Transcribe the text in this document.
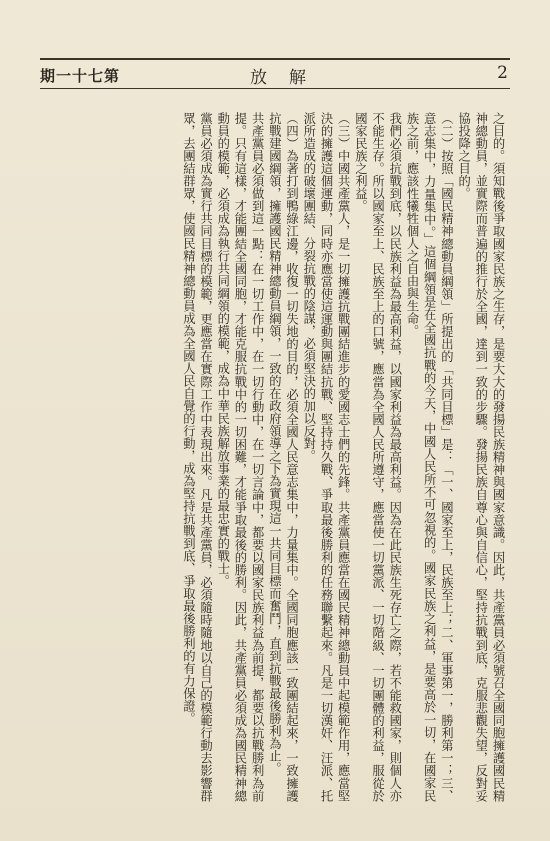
期一十七第	放解	2

之目的。須知戰後爭取國家民族之生存，是要大大的發揚民族精神與國家意識。因此，共產黨員必須號召全國同胞擁護國民精神總動員，並實際而普遍的推行於全國，達到一致的步驟。發揚民族自尊心與自信心，堅持抗戰到底，克服悲觀失望，反對妥協投降之目的。

（二）按照「國民精神總動員綱領」所提出的「共同目標」是：「一、國家至上，民族至上；二、軍事第一，勝利第一；三、意志集中，力量集中。」這個綱領是在全國抗戰的今天，中國人民所不可忽視的。國家民族之利益，是要高於一切，在國家民族之前，應該性犧牲個人之自由與生命。

我們必須抗戰到底，以民族利益為最高利益，以國家利益為最高利益。因為在此民族生死存亡之際，若不能救國家，則個人亦不能生存。所以國家至上、民族至上的口號，應當為全國人民所遵守，應當使一切黨派、一切階級、一切團體的利益，服從於國家民族之利益。

（三）中國共產黨人，是一切擁護抗戰團結進步的愛國志士們的先鋒。共產黨員應當在國民精神總動員中起模範作用，應當堅決的擁護這個運動，同時亦應當使這運動與團結抗戰、堅持持久戰、爭取最後勝利的任務聯繫起來。凡是一切漢奸、汪派、托派所造成的破壞團結、分裂抗戰的陰謀，必須堅決的加以反對。

（四）為著打到鴨綠江邊，收復一切失地的目的，必須全國人民意志集中，力量集中。全國同胞應該一致團結起來，一致擁護抗戰建國綱領，擁護國民精神總動員綱領，一致的在政府領導之下為實現這一共同目標而奮鬥，直到抗戰最後勝利為止。

共產黨員必須做到這一點：在一切工作中，在一切行動中，在一切言論中，都要以國家民族利益為前提，都要以抗戰勝利為前提。只有這樣，才能團結全國同胞，才能克服抗戰中的一切困難，才能爭取最後的勝利。因此，共產黨員必須成為國民精神總動員的模範，必須成為執行共同綱領的模範，成為中華民族解放事業的最忠實的戰士。

黨員必須成為實行共同目標的模範，更應當在實際工作中表現出來。凡是共產黨員，必須隨時隨地以自己的模範行動去影響群眾，去團結群眾，使國民精神總動員成為全國人民自覺的行動，成為堅持抗戰到底、爭取最後勝利的有力保證。
